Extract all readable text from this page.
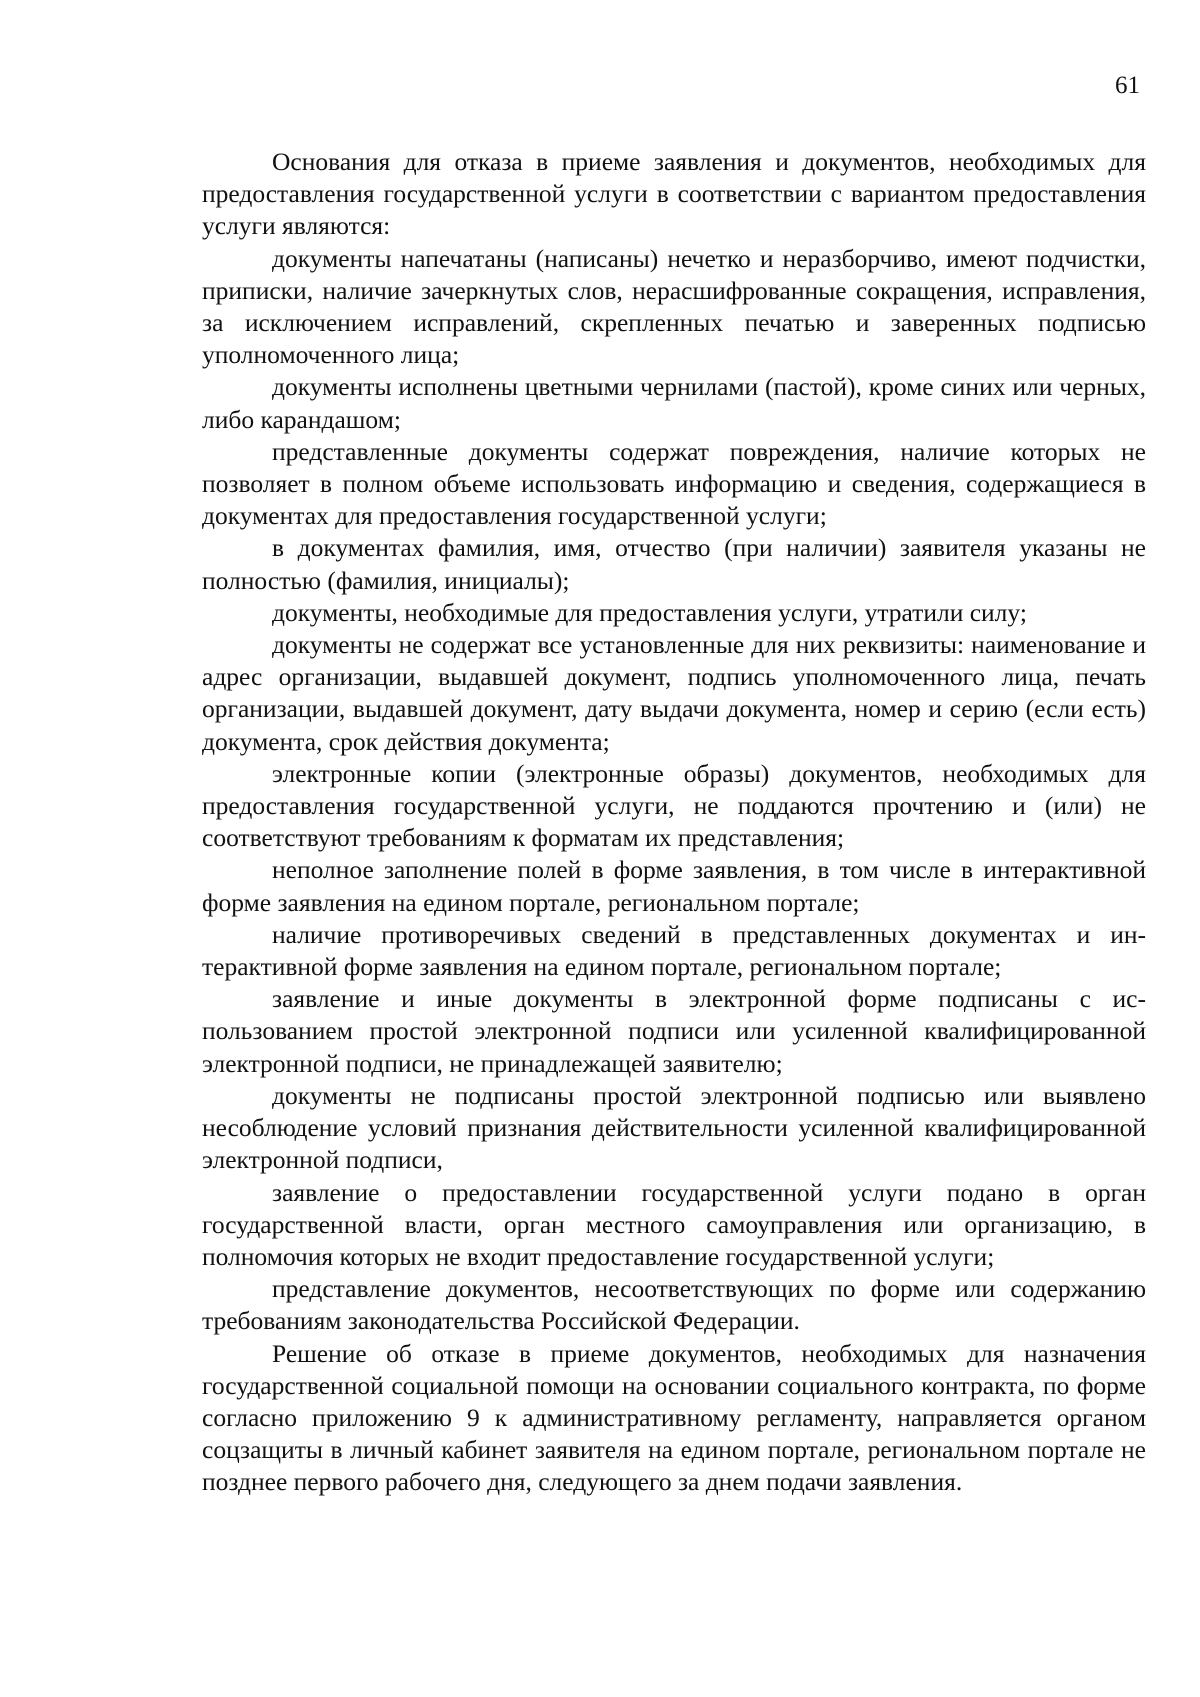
61

Основания для отказа в приеме заявления и документов, необходимых для предоставления государственной услуги в соответствии с вариантом предоставления услуги являются:

документы напечатаны (написаны) нечетко и неразборчиво, имеют подчистки, приписки, наличие зачеркнутых слов, нерасшифрованные сокращения, исправления, за исключением исправлений, скрепленных печатью и заверенных подписью уполномоченного лица;

документы исполнены цветными чернилами (пастой), кроме синих или черных, либо карандашом;

представленные документы содержат повреждения, наличие которых не позволяет в полном объеме использовать информацию и сведения, содержащиеся в документах для предоставления государственной услуги;

в документах фамилия, имя, отчество (при наличии) заявителя указаны не полностью (фамилия, инициалы);

документы, необходимые для предоставления услуги, утратили силу;

документы не содержат все установленные для них реквизиты: наименование и адрес организации, выдавшей документ, подпись уполномоченного лица, печать организации, выдавшей документ, дату выдачи документа, номер и серию (если есть) документа, срок действия документа;

электронные копии (электронные образы) документов, необходимых для предоставления государственной услуги, не поддаются прочтению и (или) не соответствуют требованиям к форматам их представления;

неполное заполнение полей в форме заявления, в том числе в интерактивной форме заявления на едином портале, региональном портале;

наличие противоречивых сведений в представленных документах и интерактивной форме заявления на едином портале, региональном портале;

заявление и иные документы в электронной форме подписаны с использованием простой электронной подписи или усиленной квалифицированной электронной подписи, не принадлежащей заявителю;

документы не подписаны простой электронной подписью или выявлено несоблюдение условий признания действительности усиленной квалифицированной электронной подписи,

заявление о предоставлении государственной услуги подано в орган государственной власти, орган местного самоуправления или организацию, в полномочия которых не входит предоставление государственной услуги;

представление документов, несоответствующих по форме или содержанию требованиям законодательства Российской Федерации.

Решение об отказе в приеме документов, необходимых для назначения государственной социальной помощи на основании социального контракта, по форме согласно приложению 9 к административному регламенту, направляется органом соцзащиты в личный кабинет заявителя на едином портале, региональном портале не позднее первого рабочего дня, следующего за днем подачи заявления.
